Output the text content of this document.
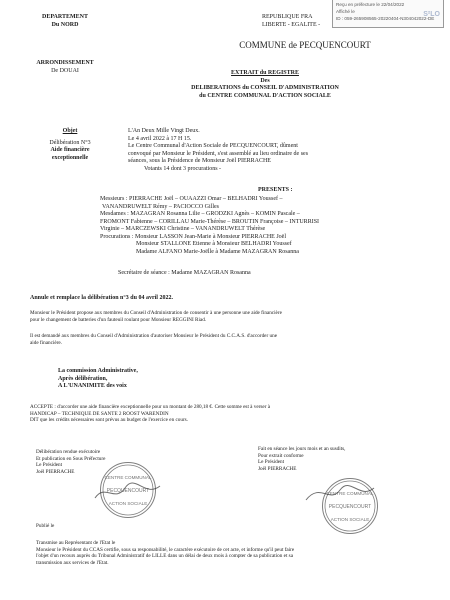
DEPARTEMENT
Du NORD
ARRONDISSEMENT
De DOUAI
REPUBLIQUE FRA
LIBERTE - EGALITE -
Reçu en préfecture le 22/04/2022
Affiché le
ID : 059-265908565-20220404-N304042022-DE
S²LO
COMMUNE de PECQUENCOURT
EXTRAIT du REGISTRE
Des
DELIBERATIONS du CONSEIL D'ADMINISTRATION
du CENTRE COMMUNAL D'ACTION SOCIALE
Objet
Délibération N°3
Aide financière
exceptionnelle
L'An Deux Mille Vingt Deux.
Le 4 avril 2022 à 17 H 15.
Le Centre Communal d'Action Sociale de PECQUENCOURT, dûment
convoqué par Monsieur le Président, s'est assemblé au lieu ordinaire de ses
séances, sous la Présidence de Monsieur Joël PIERRACHE
Votants 14 dont 3 procurations -
PRESENTS :
Messieurs : PIERRACHE Joël – OUAAZZI Omar – BELHADRI Youssef –
VANANDRUWELT Rémy – PACIOCCO Gilles
Mesdames : MAZAGRAN Rosanna Lilie – GRODZKI Agnès – KOMIN Pascale –
FROMONT Fabienne – CORILLAU Marie-Thérèse – BROUTIN Françoise – INTURRISI
Virginie – MARCZEWSKI Christine – VANANDRUWELT Thérèse
Procurations : Monsieur LASSON Jean-Marie à Monsieur PIERRACHE Joël
Monsieur STALLONE Etienne à Monsieur BELHADRI Youssef
Madame ALFANO Marie-Joëlle à Madame MAZAGRAN Rosanna
Secrétaire de séance : Madame MAZAGRAN Rosanna
Annule et remplace la délibération n°3 du 04 avril 2022.
Monsieur le Président propose aux membres du Conseil d'Administration de consentir à une personne une aide financière
pour le changement de batteries d'un fauteuil roulant pour Monsieur REGGINI Riad.
Il est demandé aux membres du Conseil d'Administration d'autoriser Monsieur le Président du C.C.A.S. d'accorder une
aide financière.
La commission Administrative,
Après délibération,
A L'UNANIMITE des voix
ACCEPTE : d'accorder une aide financière exceptionnelle pour un montant de 280,18 €. Cette somme est à verser à
HANDICAP – TECHNIQUE DE SANTE 2 ROOST WARENDIN
DIT que les crédits nécessaires sont prévus au budget de l'exercice en cours.
Délibération rendue exécutoire
Et publication en Sous Préfecture
Le Président
Joël PIERRACHE
Fait en séance les jours mois et an susdits,
Pour extrait conforme
Le Président
Joël PIERRACHE
CENTRE COMMUNAL
PECQUENCOURT
ACTION SOCIALE
CENTRE COMMUNAL
PECQUENCOURT
ACTION SOCIALE
Publié le
Transmise au Représentant de l'Etat le
Monsieur le Président du CCAS certifie, sous sa responsabilité, le caractère exécutoire de cet acte, et informe qu'il peut faire
l'objet d'un recours auprès du Tribunal Administratif de LILLE dans un délai de deux mois à compter de sa publication et sa
transmission aux services de l'Etat.
